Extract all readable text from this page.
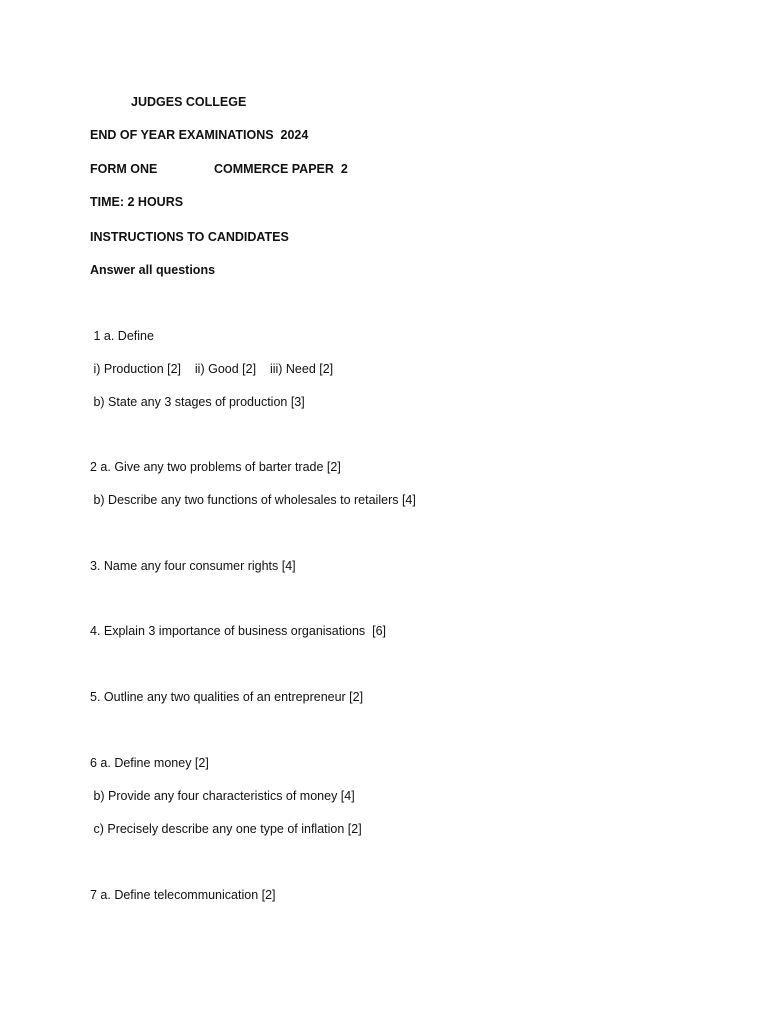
JUDGES COLLEGE
END OF YEAR EXAMINATIONS  2024
FORM ONE	COMMERCE PAPER  2
TIME: 2 HOURS
INSTRUCTIONS TO CANDIDATES
Answer all questions
1 a. Define
i) Production [2]    ii) Good [2]    iii) Need [2]
b) State any 3 stages of production [3]
2 a. Give any two problems of barter trade [2]
b) Describe any two functions of wholesales to retailers [4]
3. Name any four consumer rights [4]
4. Explain 3 importance of business organisations  [6]
5. Outline any two qualities of an entrepreneur [2]
6 a. Define money [2]
b) Provide any four characteristics of money [4]
c) Precisely describe any one type of inflation [2]
7 a. Define telecommunication [2]
